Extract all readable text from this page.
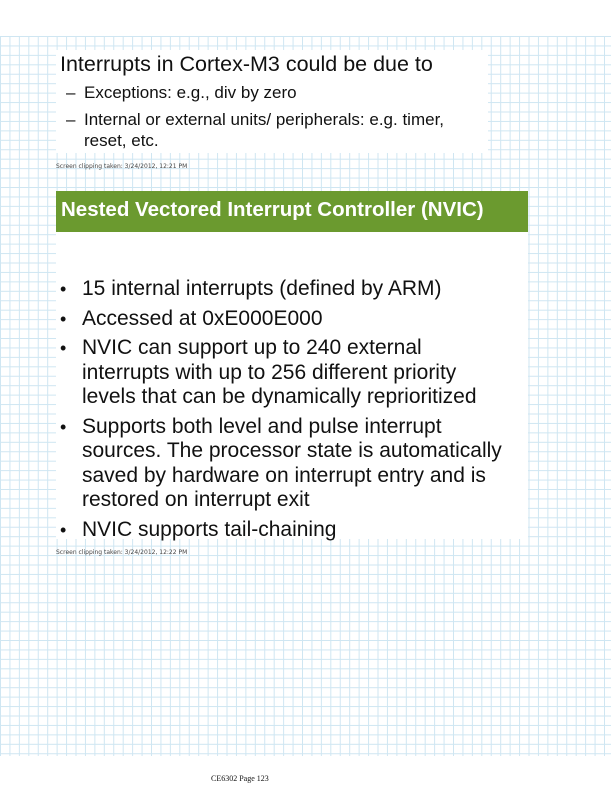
Interrupts in Cortex-M3 could be due to
– Exceptions: e.g., div by zero
– Internal or external units/ peripherals: e.g. timer,
reset, etc.
Screen clipping taken: 3/24/2012, 12:21 PM
Nested Vectored Interrupt Controller (NVIC)
• 15 internal interrupts (defined by ARM)
• Accessed at 0xE000E000
• NVIC can support up to 240 external
interrupts with up to 256 different priority
levels that can be dynamically reprioritized
• Supports both level and pulse interrupt
sources. The processor state is automatically
saved by hardware on interrupt entry and is
restored on interrupt exit
• NVIC supports tail-chaining
Screen clipping taken: 3/24/2012, 12:22 PM
CE6302 Page 123
